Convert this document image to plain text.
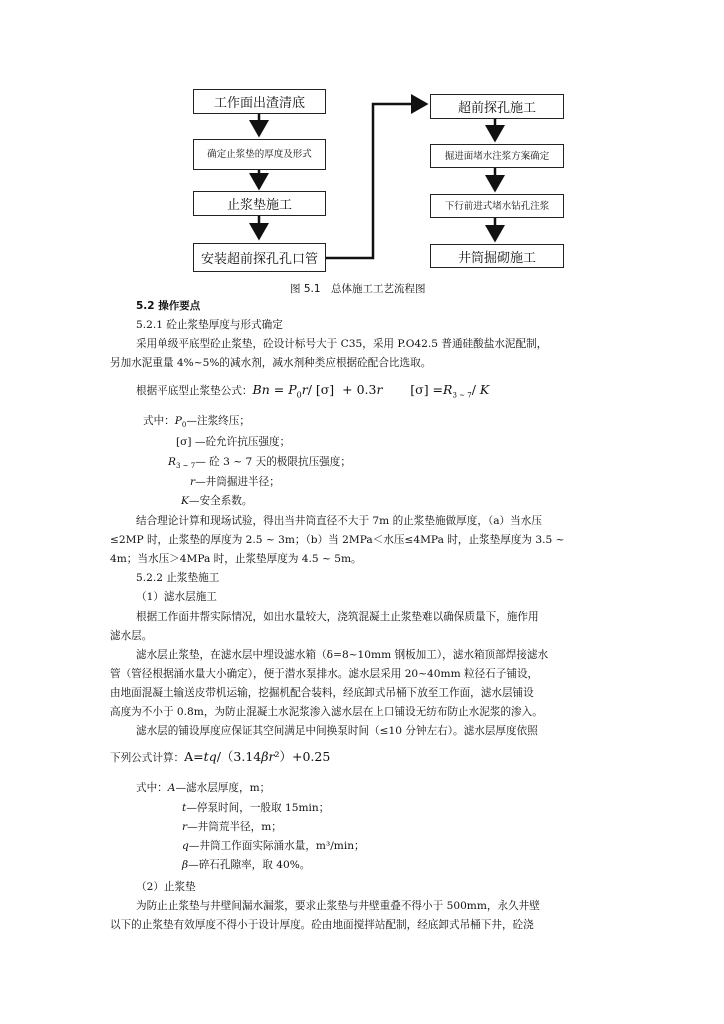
工作面出渣清底
确定止浆垫的厚度及形式
止浆垫施工
安装超前探孔孔口管
超前探孔施工
掘进面堵水注浆方案确定
下行前进式堵水钻孔注浆
井筒掘砌施工
图 5.1　总体施工工艺流程图
5.2 操作要点
5.2.1 砼止浆垫厚度与形式确定
采用单级平底型砼止浆垫，砼设计标号大于 C35，采用 P.O42.5 普通硅酸盐水泥配制，
另加水泥重量 4%~5%的减水剂，减水剂种类应根据砼配合比选取。
根据平底型止浆垫公式：$Bn = P_0r/$ [σ] + 0.3r $[\sigma] =R_{3 \sim 7}/$ K
式中：$P_0—$注浆终压；
[σ] —砼允许抗压强度；
$R_{3 \sim 7}—$ 砼 3 ~ 7 天的极限抗压强度；
r—井筒掘进半径；
K—安全系数。
结合理论计算和现场试验，得出当井筒直径不大于 7m 的止浆垫施做厚度，（a）当水压
≤2MP 时，止浆垫的厚度为 2.5 ~ 3m；（b）当 2MPa＜水压≤4MPa 时，止浆垫厚度为 3.5 ~
4m；当水压＞4MPa 时，止浆垫厚度为 4.5 ~ 5m。
5.2.2 止浆垫施工
（1）滤水层施工
根据工作面井帮实际情况，如出水量较大，浇筑混凝土止浆垫难以确保质量下，施作用
滤水层。
滤水层止浆垫，在滤水层中埋设滤水箱（δ=8~10mm 钢板加工），滤水箱顶部焊接滤水
管（管径根据涌水量大小确定），便于潜水泵排水。滤水层采用 20~40mm 粒径石子铺设，
由地面混凝土输送皮带机运输，挖掘机配合装料，经底卸式吊桶下放至工作面，滤水层铺设
高度为不小于 0.8m，为防止混凝土水泥浆渗入滤水层在上口铺设无纺布防止水泥浆的渗入。
滤水层的铺设厚度应保证其空间满足中间换泵时间（≤10 分钟左右）。滤水层厚度依照
下列公式计算：A=tq/（3.14βr²）+0.25
式中：A—滤水层厚度，m；
t—停泵时间，一般取 15min；
r—井筒荒半径，m；
q—井筒工作面实际涌水量，m³/min；
β—碎石孔隙率，取 40%。
（2）止浆垫
为防止止浆垫与井壁间漏水漏浆，要求止浆垫与井壁重叠不得小于 500mm，永久井壁
以下的止浆垫有效厚度不得小于设计厚度。砼由地面搅拌站配制，经底卸式吊桶下井，砼浇
